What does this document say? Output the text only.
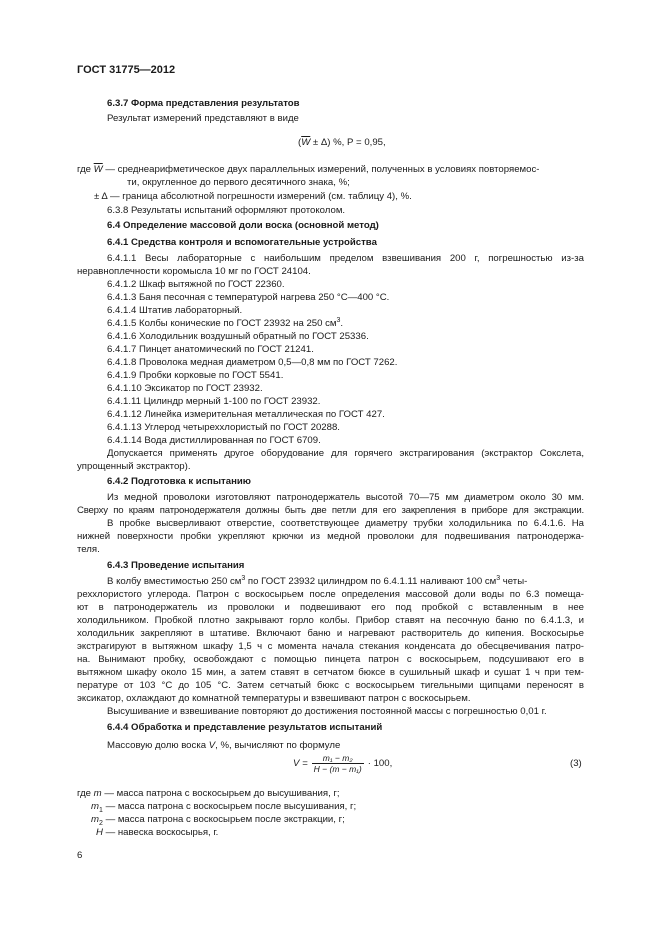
ГОСТ 31775—2012
6.3.7 Форма представления результатов
Результат измерений представляют в виде
$(\overline{W} \pm \Delta)$ %, Р = 0,95,
где $\overline{W}$ — среднеарифметическое двух параллельных измерений, полученных в условиях повторяемос-
ти, округленное до первого десятичного знака, %;
± Δ — граница абсолютной погрешности измерений (см. таблицу 4), %.
6.3.8 Результаты испытаний оформляют протоколом.
6.4 Определение массовой доли воска (основной метод)
6.4.1 Средства контроля и вспомогательные устройства
6.4.1.1 Весы лабораторные с наибольшим пределом взвешивания 200 г, погрешностью из-за
неравноплечности коромысла 10 мг по ГОСТ 24104.
6.4.1.2 Шкаф вытяжной по ГОСТ 22360.
6.4.1.3 Баня песочная с температурой нагрева 250 °С—400 °С.
6.4.1.4 Штатив лабораторный.
6.4.1.5 Колбы конические по ГОСТ 23932 на 250 $см^3$.
6.4.1.6 Холодильник воздушный обратный по ГОСТ 25336.
6.4.1.7 Пинцет анатомический по ГОСТ 21241.
6.4.1.8 Проволока медная диаметром 0,5—0,8 мм по ГОСТ 7262.
6.4.1.9 Пробки корковые по ГОСТ 5541.
6.4.1.10 Эксикатор по ГОСТ 23932.
6.4.1.11 Цилиндр мерный 1-100 по ГОСТ 23932.
6.4.1.12 Линейка измерительная металлическая по ГОСТ 427.
6.4.1.13 Углерод четыреххлористый по ГОСТ 20288.
6.4.1.14 Вода дистиллированная по ГОСТ 6709.
Допускается применять другое оборудование для горячего экстрагирования (экстрактор Сокслета,
упрощенный экстрактор).
6.4.2 Подготовка к испытанию
Из медной проволоки изготовляют патронодержатель высотой 70—75 мм диаметром около 30 мм.
Сверху по краям патронодержателя должны быть две петли для его закрепления в приборе для экстракции.
В пробке высверливают отверстие, соответствующее диаметру трубки холодильника по 6.4.1.6. На
нижней поверхности пробки укрепляют крючки из медной проволоки для подвешивания патронодержа-
теля.
6.4.3 Проведение испытания
В колбу вместимостью 250 $см^3$ по ГОСТ 23932 цилиндром по 6.4.1.11 наливают 100 $см^3$ четы-
реххлористого углерода. Патрон с воскосырьем после определения массовой доли воды по 6.3 помеща-
ют в патронодержатель из проволоки и подвешивают его под пробкой с вставленным в нее
холодильником. Пробкой плотно закрывают горло колбы. Прибор ставят на песочную баню по 6.4.1.3, и
холодильник закрепляют в штативе. Включают баню и нагревают растворитель до кипения. Воскосырье
экстрагируют в вытяжном шкафу 1,5 ч с момента начала стекания конденсата до обесцвечивания патро-
на. Вынимают пробку, освобождают с помощью пинцета патрон с воскосырьем, подсушивают его в
вытяжном шкафу около 15 мин, а затем ставят в сетчатом бюксе в сушильный шкаф и сушат 1 ч при тем-
пературе от 103 °С до 105 °С. Затем сетчатый бюкс с воскосырьем тигельными щипцами переносят в
эксикатор, охлаждают до комнатной температуры и взвешивают патрон с воскосырьем.
Высушивание и взвешивание повторяют до достижения постоянной массы с погрешностью 0,01 г.
6.4.4 Обработка и представление результатов испытаний
Массовую долю воска V, %, вычисляют по формуле
$V = \frac{\text{m₁ − m₂}}{\text{H − (m − m₁)}} \cdot 100$,	(3)
где m — масса патрона с воскосырьем до высушивания, г;
$m_1$ — масса патрона с воскосырьем после высушивания, г;
$m_2$ — масса патрона с воскосырьем после экстракции, г;
H — навеска воскосырья, г.
6
